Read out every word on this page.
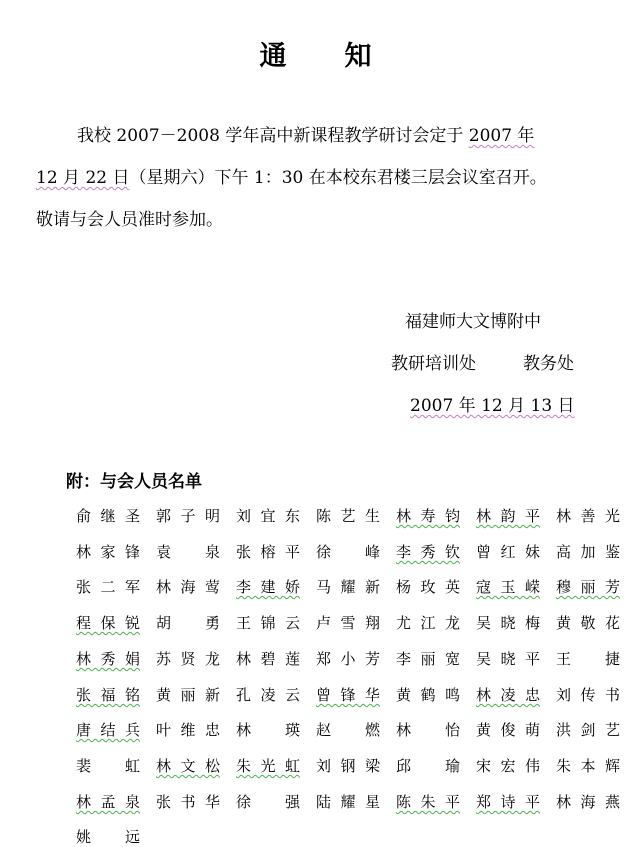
通 知
我校 2007－2008 学年高中新课程教学研讨会定于 2007 年
12 月 22 日（星期六）下午 1：30 在本校东君楼三层会议室召开。
敬请与会人员准时参加。
福建师大文博附中
教研培训处	教务处
2007 年 12 月 13 日
附：与会人员名单
俞继圣 郭子明 刘宜东 陈艺生 林寿钧 林韵平 林善光
林家锋 袁　泉 张榕平 徐　峰 李秀钦 曾红妹 高加鉴
张二军 林海莺 李建娇 马耀新 杨玫英 寇玉嵘 穆丽芳
程保锐 胡　勇 王锦云 卢雪翔 尤江龙 吴晓梅 黄敬花
林秀娟 苏贤龙 林碧莲 郑小芳 李丽宽 吴晓平 王　捷
张福铭 黄丽新 孔凌云 曾锋华 黄鹤鸣 林凌忠 刘传书
唐结兵 叶维忠 林　瑛 赵　燃 林　怡 黄俊萌 洪剑艺
裴　虹 林文松 朱光虹 刘钢梁 邱　瑜 宋宏伟 朱本辉
林孟泉 张书华 徐　强 陆耀星 陈朱平 郑诗平 林海燕
姚　远
